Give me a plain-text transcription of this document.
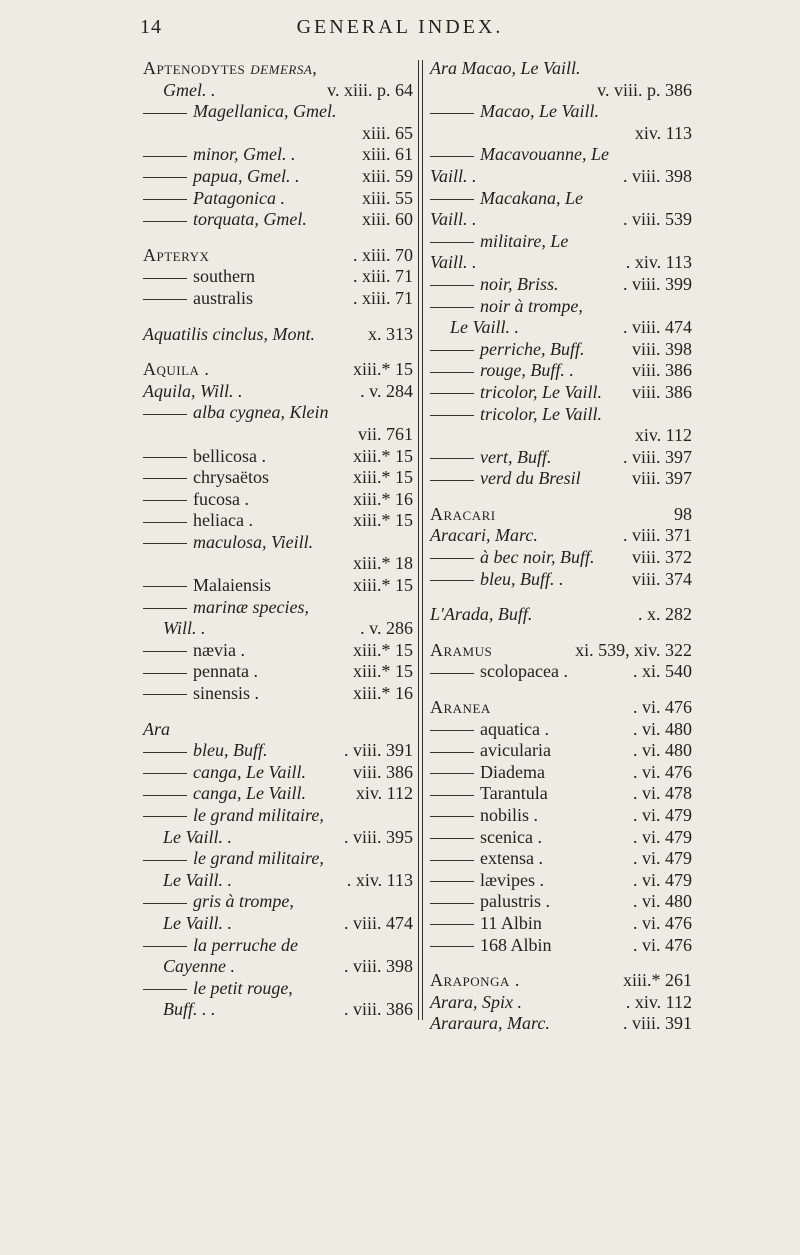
14	GENERAL INDEX.
Aptenodytes demersa,
Gmel. .	v. xiii. p. 64
Magellanica, Gmel.
xiii. 65
minor, Gmel. .	xiii. 61
papua, Gmel. .	xiii. 59
Patagonica .	xiii. 55
torquata, Gmel.	xiii. 60
Apteryx	. xiii. 70
southern	. xiii. 71
australis	. xiii. 71
Aquatilis cinclus, Mont.	x. 313
Aquila .	xiii.* 15
Aquila, Will. .	. v. 284
alba cygnea, Klein
vii. 761
bellicosa .	xiii.* 15
chrysaëtos	xiii.* 15
fucosa .	xiii.* 16
heliaca .	xiii.* 15
maculosa, Vieill.
xiii.* 18
Malaiensis	xiii.* 15
marinæ species,
Will. .	. v. 286
nævia .	xiii.* 15
pennata .	xiii.* 15
sinensis .	xiii.* 16
Ara
bleu, Buff.	. viii. 391
canga, Le Vaill.	viii. 386
canga, Le Vaill.	xiv. 112
le grand militaire,
Le Vaill. .	. viii. 395
le grand militaire,
Le Vaill. .	. xiv. 113
gris à trompe,
Le Vaill. .	. viii. 474
la perruche de
Cayenne .	. viii. 398
le petit rouge,
Buff. . .	. viii. 386
Ara Macao, Le Vaill.
v. viii. p. 386
Macao, Le Vaill.
xiv. 113
Macavouanne, Le
Vaill. .	. viii. 398
Macakana, Le
Vaill. .	. viii. 539
militaire, Le
Vaill. .	. xiv. 113
noir, Briss.	. viii. 399
noir à trompe,
Le Vaill. .	. viii. 474
perriche, Buff.	viii. 398
rouge, Buff. .	viii. 386
tricolor, Le Vaill. viii. 386
tricolor, Le Vaill.
xiv. 112
vert, Buff.	. viii. 397
verd du Bresil	viii. 397
Aracari	98
Aracari, Marc.	. viii. 371
à bec noir, Buff. viii. 372
bleu, Buff. .	viii. 374
L'Arada, Buff.	. x. 282
Aramus	xi. 539, xiv. 322
scolopacea .	. xi. 540
Aranea	. vi. 476
aquatica .	. vi. 480
avicularia	. vi. 480
Diadema	. vi. 476
Tarantula	. vi. 478
nobilis .	. vi. 479
scenica .	. vi. 479
extensa .	. vi. 479
lævipes .	. vi. 479
palustris .	. vi. 480
11 Albin	. vi. 476
168 Albin	. vi. 476
Araponga .	xiii.* 261
Arara, Spix .	. xiv. 112
Araraura, Marc.	. viii. 391
